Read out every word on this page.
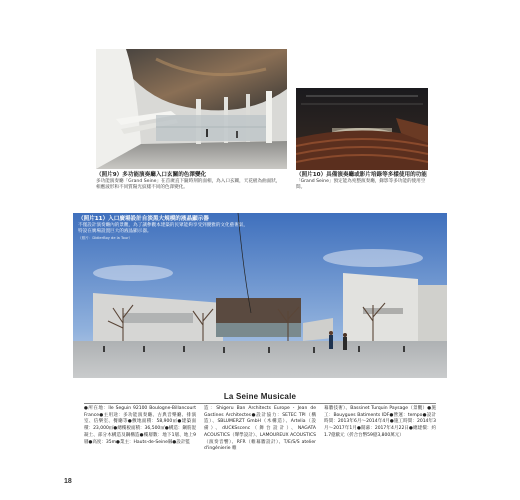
（照片9）多功能演奏廳入口玄關的色澤變化
多功能演奏廳「Grand Seine」在首廣直下隨時刻的面相，為入口玄關，天花板為曲面狀，相應波形和不同質陽光紋樣不同的色澤變化。
（照片10）具備演奏廳或影片培錄等多樣使用的功能
「Grand Seine」預定能為宛整演奏廳，錄影等多功能的使用空間。
（照片11）入口廣場設計自淡黑大規模的液晶顯示器
不僅設計演奏廳內的景觀，為了讓參觀本建築的民眾能夠享受到優雅的文化藝術氣，特設在廣場設置巨大的液晶顯示器。
（照片：DidierBoy de la Tour）
La Seine Musicale
●所在地：île Seguin 92100 Boulogne-Billancourt France●主用途：多功能演奏廳、古典音樂廳、排演室、信樂室、餐廳等●敷地面積：58,900㎡●建築面積：23,000㎡●總樓板面積：36,500㎡●構造：鋼筋混凝土、部分木構造及鋼構造●樓層數：地下1層、地上9層●高度：35m●業主：Hauts-de-Seine縣●設計監
造：Shigeru Ban Architects Europe・Jean de Gastines Architectes●設計協力：SETEC TPI（構造）、SBLUMERZT GmbH（木構造）、Artelia（設備）、dUCKSscenc（舞台設計）、NAGATA ACOUSTICS（聲學設計）、LAMOUREUX ACOUSTICS（演奏音響）、RFR（帷幕牆設計）、T/E/S/S atelier d'ingénierie 帷
幕牆技術）、Bassinet Turquin Paysage（景觀）●施工：Bouygues Batiments IDF●營運：tempo●設計時間：2013年6月～2014年4月●施工時間：2014年3月～2017年1月●開幕：2017年4月22日●總建價：約1.7億歐元（折合台幣59億3,800萬元）
18
